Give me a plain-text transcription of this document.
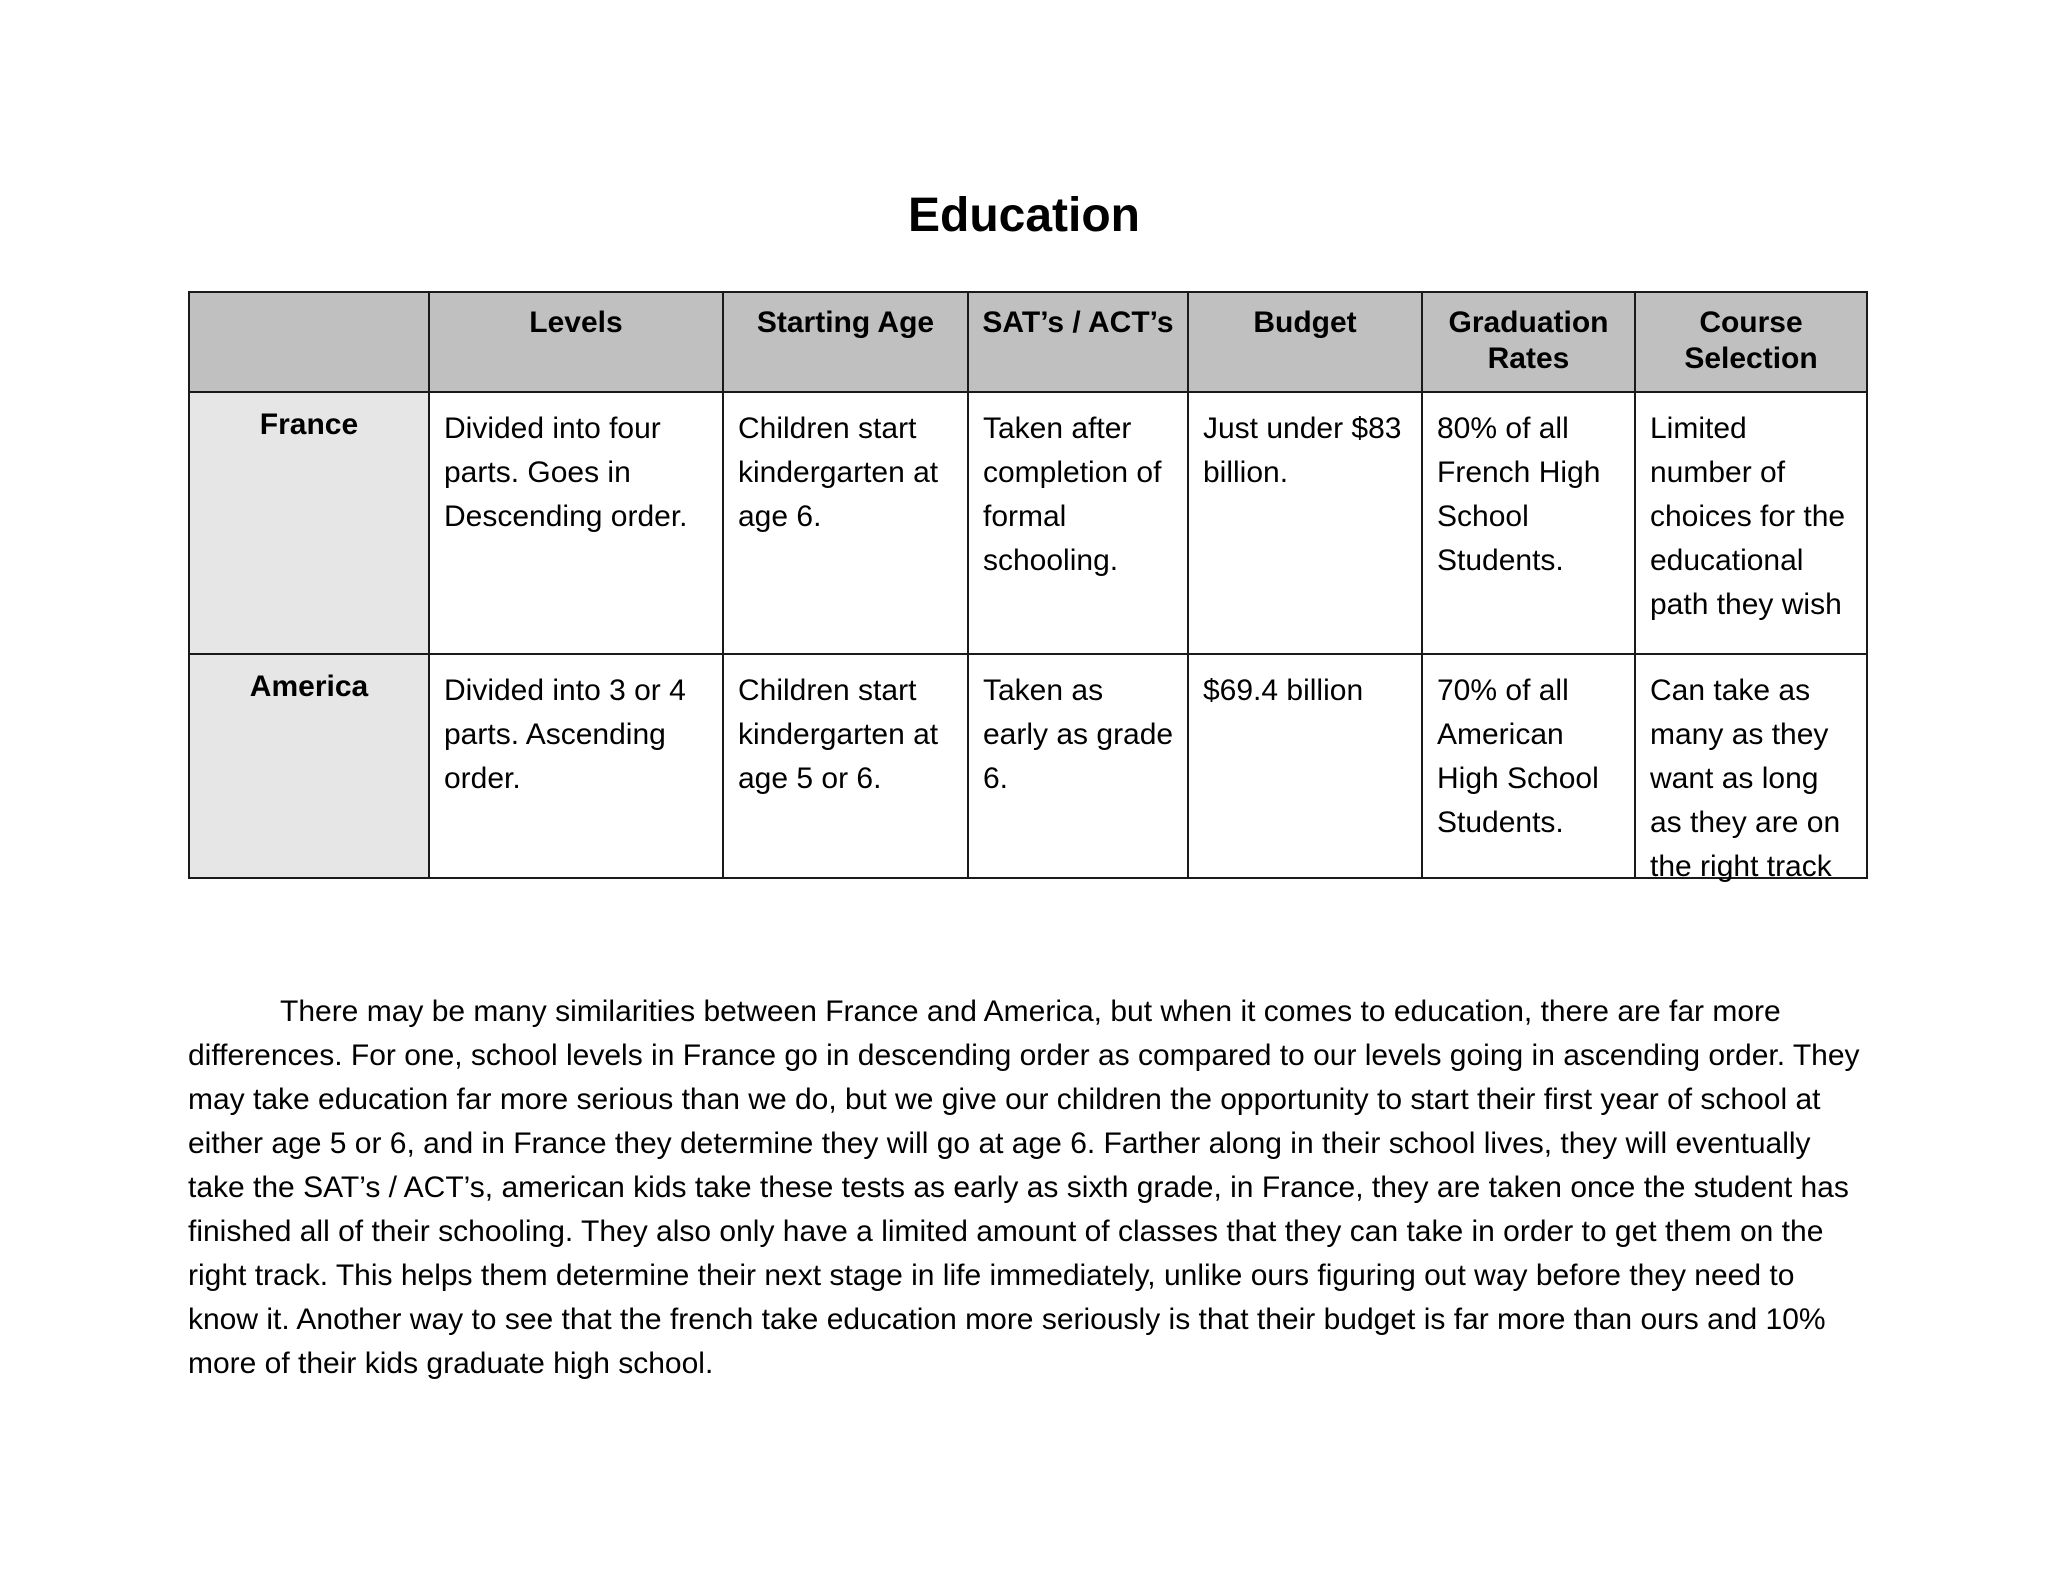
Education
	Levels	Starting Age	SAT’s / ACT’s	Budget	Graduation Rates	Course Selection
France	Divided into four parts. Goes in Descending order.	Children start kindergarten at age 6.	Taken after completion of formal schooling.	Just under $83 billion.	80% of all French High School Students.	Limited number of choices for the educational path they wish

America	Divided into 3 or 4 parts. Ascending order.	Children start kindergarten at age 5 or 6.	Taken as early as grade 6.	$69.4 billion	70% of all American High School Students.	Can take as many as they want as long as they are on the right track

There may be many similarities between France and America, but when it comes to education, there are far more differences. For one, school levels in France go in descending order as compared to our levels going in ascending order. They may take education far more serious than we do, but we give our children the opportunity to start their first year of school at either age 5 or 6, and in France they determine they will go at age 6. Farther along in their school lives, they will eventually take the SAT’s / ACT’s, american kids take these tests as early as sixth grade, in France, they are taken once the student has finished all of their schooling. They also only have a limited amount of classes that they can take in order to get them on the right track. This helps them determine their next stage in life immediately, unlike ours figuring out way before they need to know it. Another way to see that the french take education more seriously is that their budget is far more than ours and 10% more of their kids graduate high school.
